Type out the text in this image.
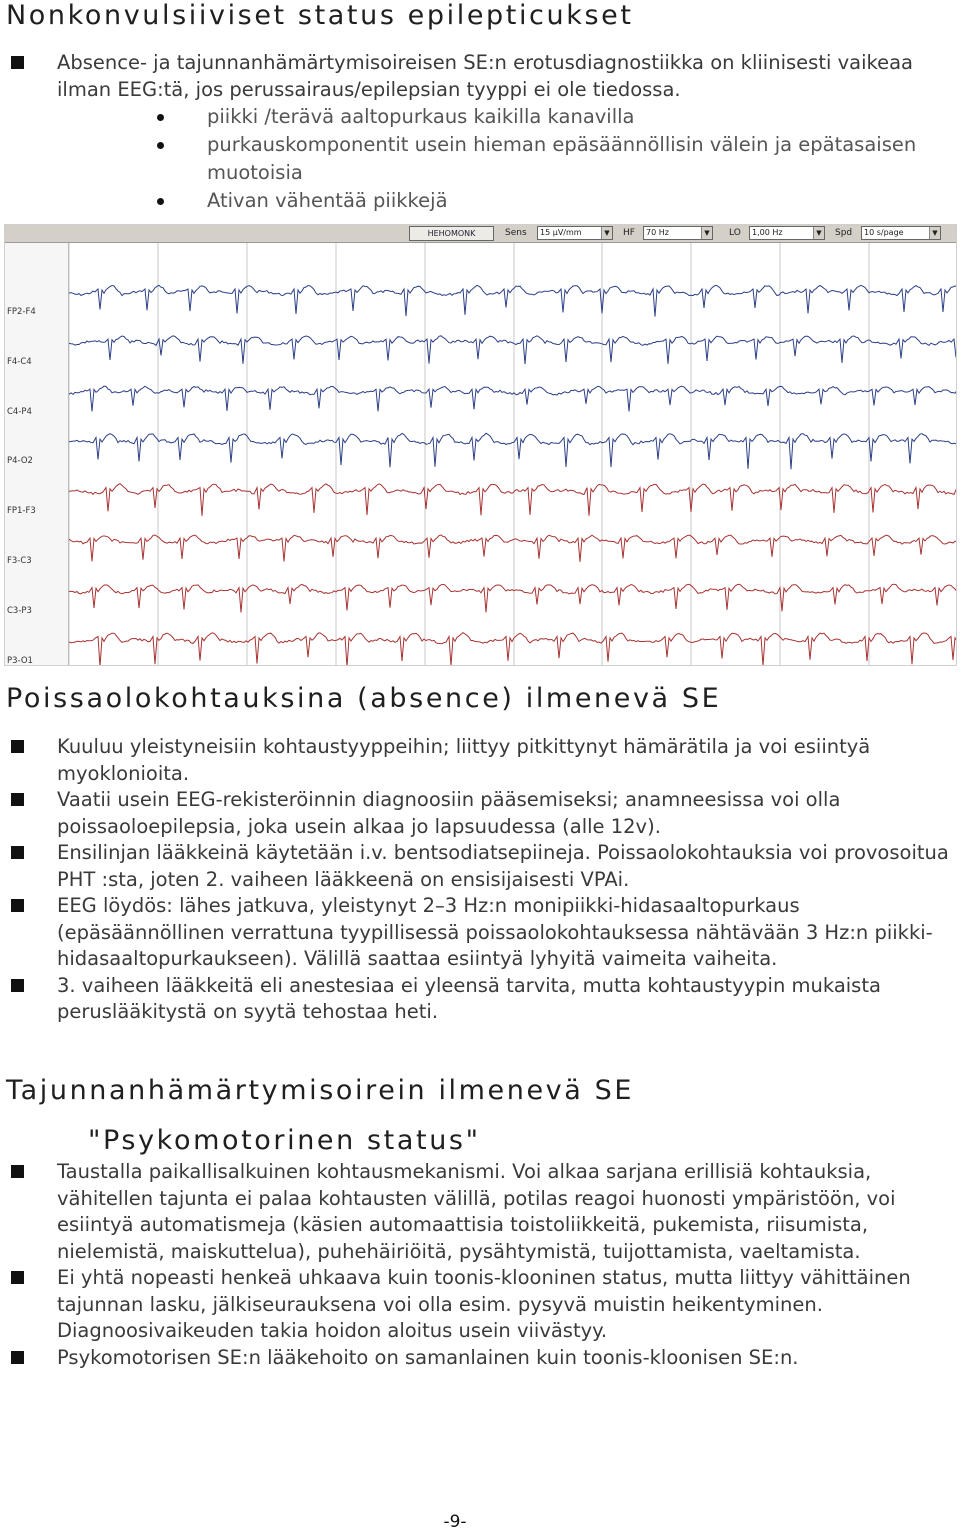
Nonkonvulsiiviset status epilepticukset
Absence- ja tajunnanhämärtymisoireisen SE:n erotusdiagnostiikka on kliinisesti vaikeaa ilman EEG:tä, jos perussairaus/epilepsian tyyppi ei ole tiedossa.
piikki /terävä aaltopurkaus kaikilla kanavilla
purkauskomponentit usein hieman epäsäännöllisin välein ja epätasaisen muotoisia
Ativan vähentää piikkejä
HEHOMONK	Sens	15 µV/mm	▼ HF	70 Hz	▼ LO	1,00 Hz	▼ Spd	10 s/page	▼
FP2-F4
F4-C4
C4-P4
P4-O2
FP1-F3
F3-C3
C3-P3
P3-O1
Poissaolokohtauksina (absence) ilmenevä SE
Kuuluu yleistyneisiin kohtaustyyppeihin; liittyy pitkittynyt hämärätila ja voi esiintyä myoklonioita.
Vaatii usein EEG-rekisteröinnin diagnoosiin pääsemiseksi; anamneesissa voi olla poissaoloepilepsia, joka usein alkaa jo lapsuudessa (alle 12v).
Ensilinjan lääkkeinä käytetään i.v. bentsodiatsepiineja. Poissaolokohtauksia voi provosoitua PHT :sta, joten 2. vaiheen lääkkeenä on ensisijaisesti VPAi.
EEG löydös: lähes jatkuva, yleistynyt 2–3 Hz:n monipiikki-hidasaaltopurkaus (epäsäännöllinen verrattuna tyypillisessä poissaolokohtauksessa nähtävään 3 Hz:n piikki-hidasaaltopurkaukseen). Välillä saattaa esiintyä lyhyitä vaimeita vaiheita.
3. vaiheen lääkkeitä eli anestesiaa ei yleensä tarvita, mutta kohtaustyypin mukaista peruslääkitystä on syytä tehostaa heti.
Tajunnanhämärtymisoirein ilmenevä SE
"Psykomotorinen status"
Taustalla paikallisalkuinen kohtausmekanismi. Voi alkaa sarjana erillisiä kohtauksia, vähitellen tajunta ei palaa kohtausten välillä, potilas reagoi huonosti ympäristöön, voi esiintyä automatismeja (käsien automaattisia toistoliikkeitä, pukemista, riisumista, nielemistä, maiskuttelua), puhehäiriöitä, pysähtymistä, tuijottamista, vaeltamista.
Ei yhtä nopeasti henkeä uhkaava kuin toonis-klooninen status, mutta liittyy vähittäinen tajunnan lasku, jälkiseurauksena voi olla esim. pysyvä muistin heikentyminen. Diagnoosivaikeuden takia hoidon aloitus usein viivästyy.
Psykomotorisen SE:n lääkehoito on samanlainen kuin toonis-kloonisen SE:n.
-9-
